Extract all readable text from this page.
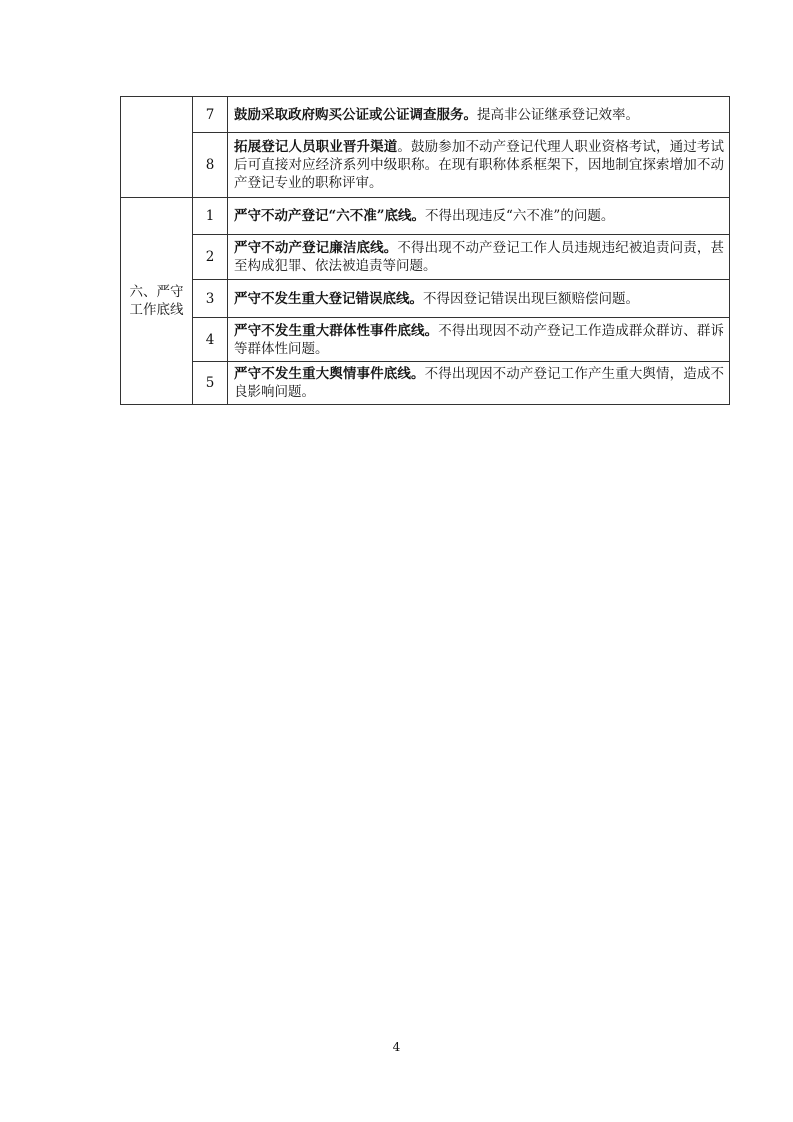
	7	鼓励采取政府购买公证或公证调查服务。提高非公证继承登记效率。
	8	拓展登记人员职业晋升渠道。鼓励参加不动产登记代理人职业资格考试，通过考试后可直接对应经济系列中级职称。在现有职称体系框架下，因地制宜探索增加不动产登记专业的职称评审。
六、严守工作底线	1	严守不动产登记“六不准”底线。不得出现违反“六不准”的问题。
	2	严守不动产登记廉洁底线。不得出现不动产登记工作人员违规违纪被追责问责，甚至构成犯罪、依法被追责等问题。
	3	严守不发生重大登记错误底线。不得因登记错误出现巨额赔偿问题。
	4	严守不发生重大群体性事件底线。不得出现因不动产登记工作造成群众群访、群诉等群体性问题。
	5	严守不发生重大舆情事件底线。不得出现因不动产登记工作产生重大舆情，造成不良影响问题。
4
